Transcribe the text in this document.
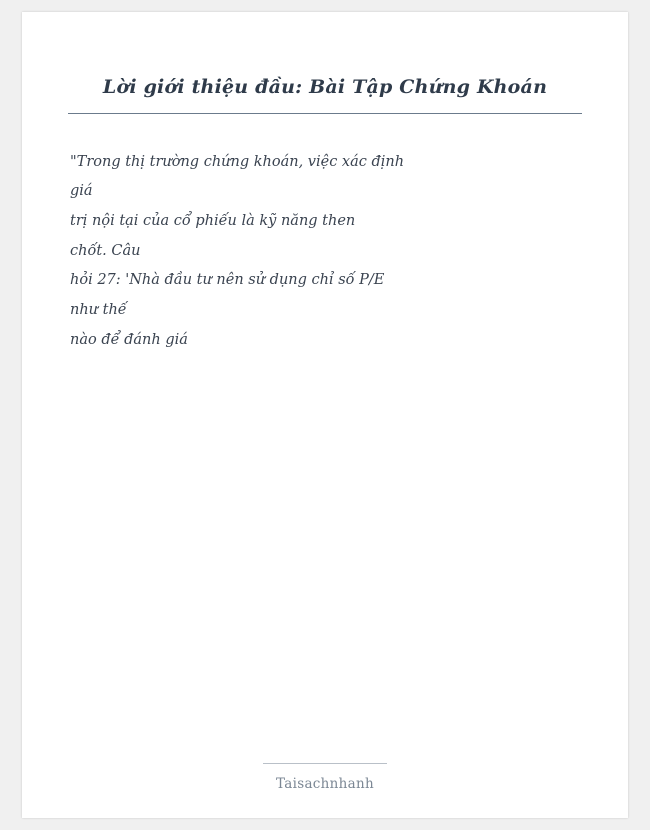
Lời giới thiệu đầu: Bài Tập Chứng Khoán
"Trong thị trường chứng khoán, việc xác định
giá
trị nội tại của cổ phiếu là kỹ năng then
chốt. Câu
hỏi 27: 'Nhà đầu tư nên sử dụng chỉ số P/E
như thế
nào để đánh giá
Taisachnhanh
